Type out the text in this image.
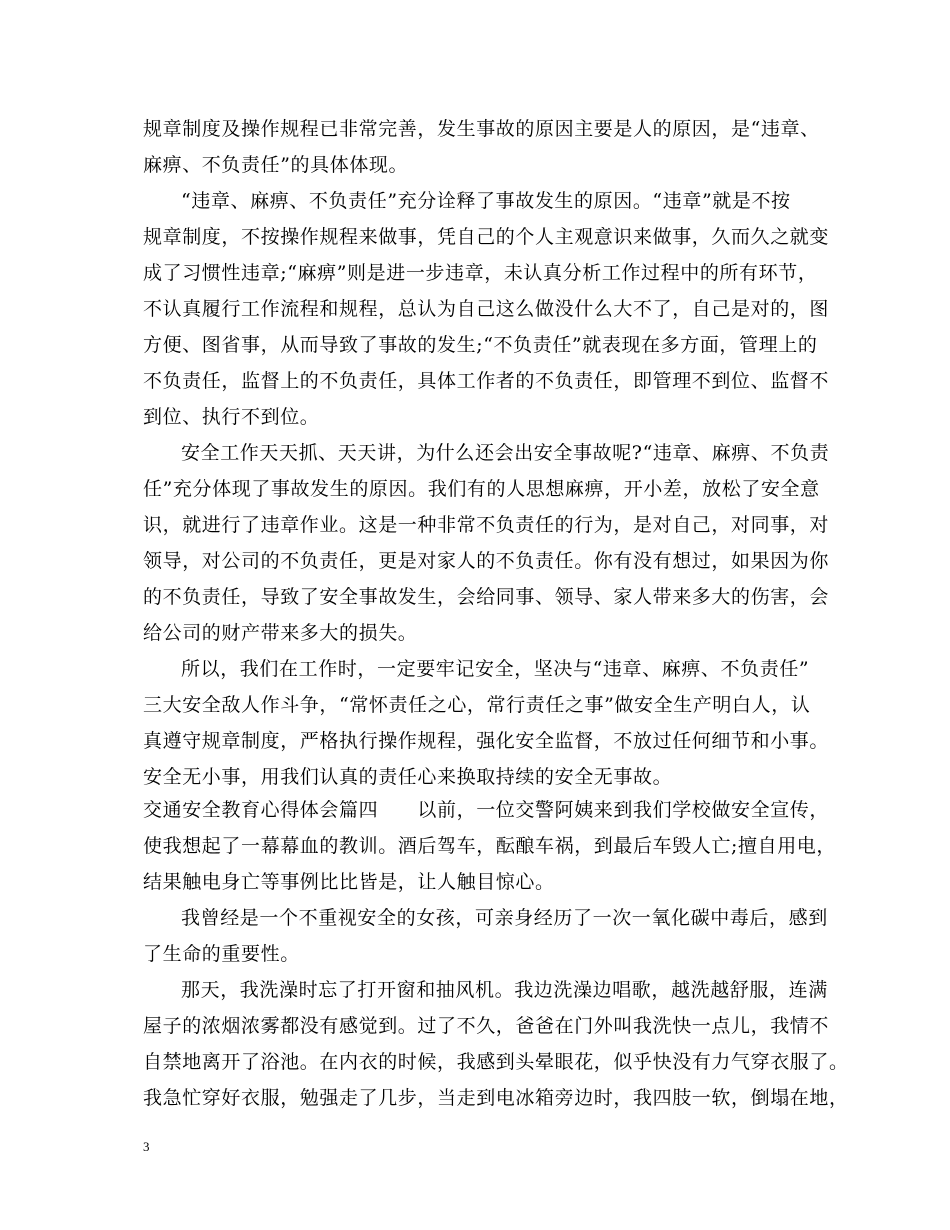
规章制度及操作规程已非常完善，发生事故的原因主要是人的原因，是“违章、
麻痹、不负责任”的具体体现。
“违章、麻痹、不负责任”充分诠释了事故发生的原因。“违章”就是不按
规章制度，不按操作规程来做事，凭自己的个人主观意识来做事，久而久之就变
成了习惯性违章;“麻痹”则是进一步违章，未认真分析工作过程中的所有环节，
不认真履行工作流程和规程，总认为自己这么做没什么大不了，自己是对的，图
方便、图省事，从而导致了事故的发生;“不负责任”就表现在多方面，管理上的
不负责任，监督上的不负责任，具体工作者的不负责任，即管理不到位、监督不
到位、执行不到位。
安全工作天天抓、天天讲，为什么还会出安全事故呢?“违章、麻痹、不负责
任”充分体现了事故发生的原因。我们有的人思想麻痹，开小差，放松了安全意
识，就进行了违章作业。这是一种非常不负责任的行为，是对自己，对同事，对
领导，对公司的不负责任，更是对家人的不负责任。你有没有想过，如果因为你
的不负责任，导致了安全事故发生，会给同事、领导、家人带来多大的伤害，会
给公司的财产带来多大的损失。
所以，我们在工作时，一定要牢记安全，坚决与“违章、麻痹、不负责任”
三大安全敌人作斗争，“常怀责任之心，常行责任之事”做安全生产明白人，认
真遵守规章制度，严格执行操作规程，强化安全监督，不放过任何细节和小事。
安全无小事，用我们认真的责任心来换取持续的安全无事故。
交通安全教育心得体会篇四　　以前，一位交警阿姨来到我们学校做安全宣传，
使我想起了一幕幕血的教训。酒后驾车，酝酿车祸，到最后车毁人亡;擅自用电，
结果触电身亡等事例比比皆是，让人触目惊心。
我曾经是一个不重视安全的女孩，可亲身经历了一次一氧化碳中毒后，感到
了生命的重要性。
那天，我洗澡时忘了打开窗和抽风机。我边洗澡边唱歌，越洗越舒服，连满
屋子的浓烟浓雾都没有感觉到。过了不久，爸爸在门外叫我洗快一点儿，我情不
自禁地离开了浴池。在内衣的时候，我感到头晕眼花，似乎快没有力气穿衣服了。
我急忙穿好衣服，勉强走了几步，当走到电冰箱旁边时，我四肢一软，倒塌在地，
3
